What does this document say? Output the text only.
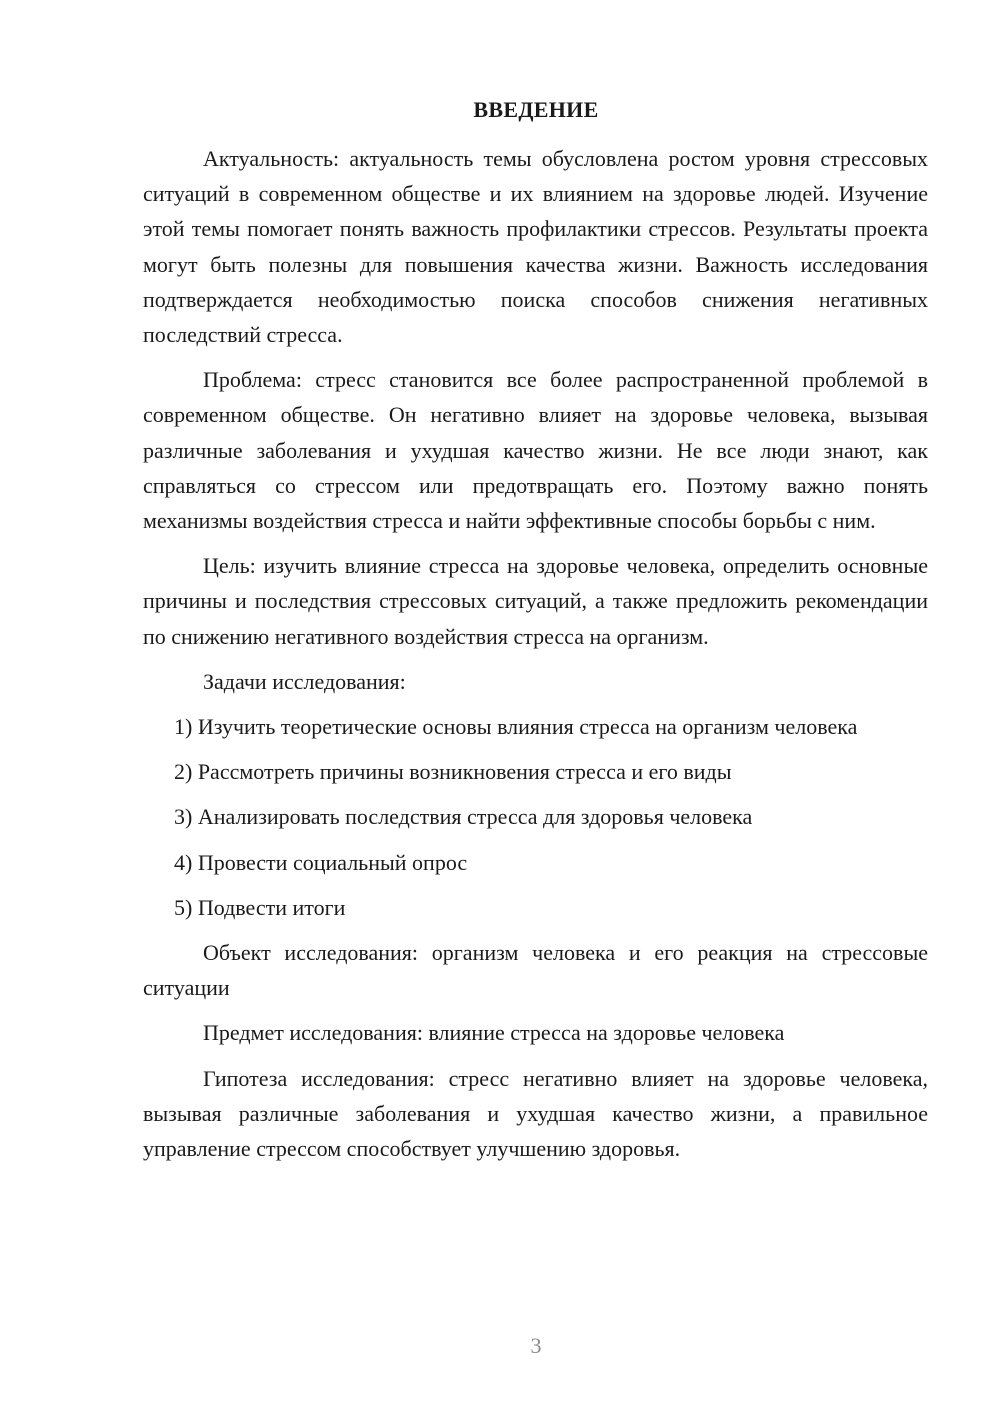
ВВЕДЕНИЕ

Актуальность: актуальность темы обусловлена ростом уровня стрессовых ситуаций в современном обществе и их влиянием на здоровье людей. Изучение этой темы помогает понять важность профилактики стрессов. Результаты проекта могут быть полезны для повышения качества жизни. Важность исследования подтверждается необходимостью поиска способов снижения негативных последствий стресса.

Проблема: стресс становится все более распространенной проблемой в современном обществе. Он негативно влияет на здоровье человека, вызывая различные заболевания и ухудшая качество жизни. Не все люди знают, как справляться со стрессом или предотвращать его. Поэтому важно понять механизмы воздействия стресса и найти эффективные способы борьбы с ним.

Цель: изучить влияние стресса на здоровье человека, определить основные причины и последствия стрессовых ситуаций, а также предложить рекомендации по снижению негативного воздействия стресса на организм.

Задачи исследования:

1) Изучить теоретические основы влияния стресса на организм человека

2) Рассмотреть причины возникновения стресса и его виды

3) Анализировать последствия стресса для здоровья человека

4) Провести социальный опрос

5) Подвести итоги

Объект исследования: организм человека и его реакция на стрессовые ситуации

Предмет исследования: влияние стресса на здоровье человека

Гипотеза исследования: стресс негативно влияет на здоровье человека, вызывая различные заболевания и ухудшая качество жизни, а правильное управление стрессом способствует улучшению здоровья.

3
